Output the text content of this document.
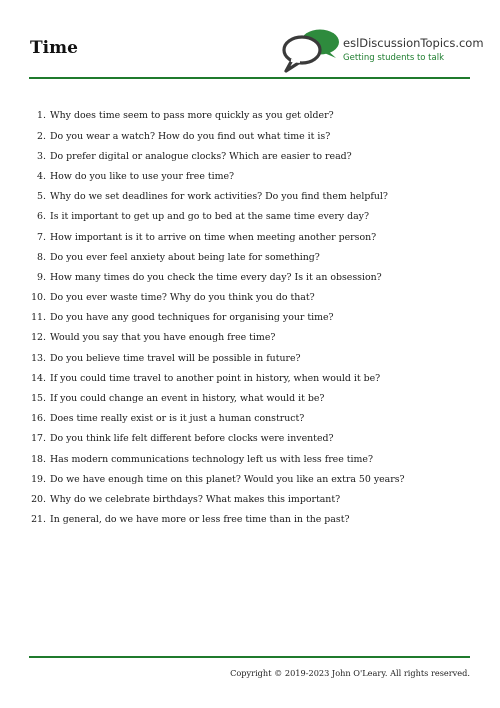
Time	eslDiscussionTopics.com
Getting students to talk
1. Why does time seem to pass more quickly as you get older?
2. Do you wear a watch? How do you find out what time it is?
3. Do prefer digital or analogue clocks? Which are easier to read?
4. How do you like to use your free time?
5. Why do we set deadlines for work activities? Do you find them helpful?
6. Is it important to get up and go to bed at the same time every day?
7. How important is it to arrive on time when meeting another person?
8. Do you ever feel anxiety about being late for something?
9. How many times do you check the time every day? Is it an obsession?
10. Do you ever waste time? Why do you think you do that?
11. Do you have any good techniques for organising your time?
12. Would you say that you have enough free time?
13. Do you believe time travel will be possible in future?
14. If you could time travel to another point in history, when would it be?
15. If you could change an event in history, what would it be?
16. Does time really exist or is it just a human construct?
17. Do you think life felt different before clocks were invented?
18. Has modern communications technology left us with less free time?
19. Do we have enough time on this planet? Would you like an extra 50 years?
20. Why do we celebrate birthdays? What makes this important?
21. In general, do we have more or less free time than in the past?
Copyright © 2019-2023 John O'Leary. All rights reserved.
